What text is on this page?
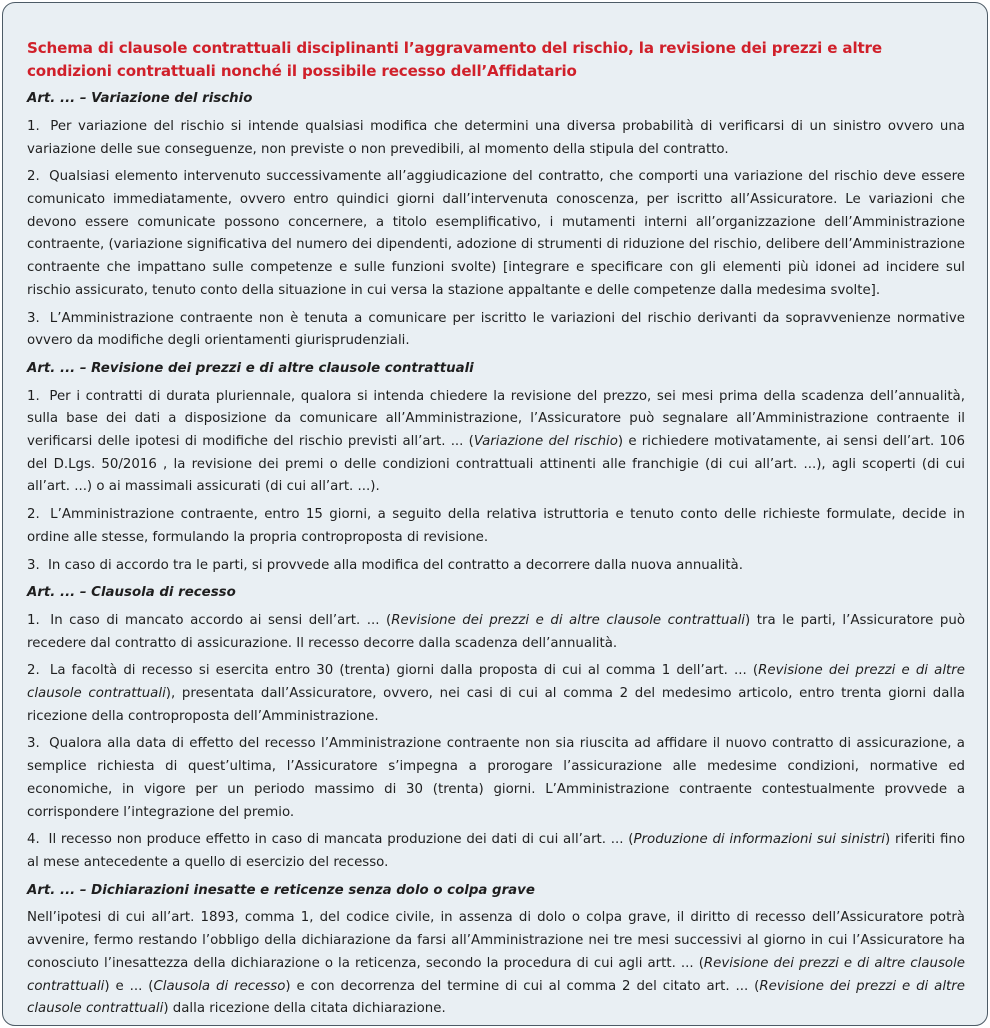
Schema di clausole contrattuali disciplinanti l’aggravamento del rischio, la revisione dei prezzi e altre condizioni contrattuali nonché il possibile recesso dell’Affidatario
Art. ... – Variazione del rischio
1. Per variazione del rischio si intende qualsiasi modifica che determini una diversa probabilità di verificarsi di un sinistro ovvero una variazione delle sue conseguenze, non previste o non prevedibili, al momento della stipula del contratto.
2. Qualsiasi elemento intervenuto successivamente all’aggiudicazione del contratto, che comporti una variazione del rischio deve essere comunicato immediatamente, ovvero entro quindici giorni dall’intervenuta conoscenza, per iscritto all’Assicuratore. Le variazioni che devono essere comunicate possono concernere, a titolo esemplificativo, i mutamenti interni all’organizzazione dell’Amministrazione contraente, (variazione significativa del numero dei dipendenti, adozione di strumenti di riduzione del rischio, delibere dell’Amministrazione contraente che impattano sulle competenze e sulle funzioni svolte) [integrare e specificare con gli elementi più idonei ad incidere sul rischio assicurato, tenuto conto della situazione in cui versa la stazione appaltante e delle competenze dalla medesima svolte].
3. L’Amministrazione contraente non è tenuta a comunicare per iscritto le variazioni del rischio derivanti da sopravvenienze normative ovvero da modifiche degli orientamenti giurisprudenziali.
Art. ... – Revisione dei prezzi e di altre clausole contrattuali
1. Per i contratti di durata pluriennale, qualora si intenda chiedere la revisione del prezzo, sei mesi prima della scadenza dell’annualità, sulla base dei dati a disposizione da comunicare all’Amministrazione, l’Assicuratore può segnalare all’Amministrazione contraente il verificarsi delle ipotesi di modifiche del rischio previsti all’art. ... (Variazione del rischio) e richiedere motivatamente, ai sensi dell’art. 106 del D.Lgs. 50/2016 , la revisione dei premi o delle condizioni contrattuali attinenti alle franchigie (di cui all’art. ...), agli scoperti (di cui all’art. ...) o ai massimali assicurati (di cui all’art. ...).
2. L’Amministrazione contraente, entro 15 giorni, a seguito della relativa istruttoria e tenuto conto delle richieste formulate, decide in ordine alle stesse, formulando la propria controproposta di revisione.
3. In caso di accordo tra le parti, si provvede alla modifica del contratto a decorrere dalla nuova annualità.
Art. ... – Clausola di recesso
1. In caso di mancato accordo ai sensi dell’art. ... (Revisione dei prezzi e di altre clausole contrattuali) tra le parti, l’Assicuratore può recedere dal contratto di assicurazione. Il recesso decorre dalla scadenza dell’annualità.
2. La facoltà di recesso si esercita entro 30 (trenta) giorni dalla proposta di cui al comma 1 dell’art. ... (Revisione dei prezzi e di altre clausole contrattuali), presentata dall’Assicuratore, ovvero, nei casi di cui al comma 2 del medesimo articolo, entro trenta giorni dalla ricezione della controproposta dell’Amministrazione.
3. Qualora alla data di effetto del recesso l’Amministrazione contraente non sia riuscita ad affidare il nuovo contratto di assicurazione, a semplice richiesta di quest’ultima, l’Assicuratore s’impegna a prorogare l’assicurazione alle medesime condizioni, normative ed economiche, in vigore per un periodo massimo di 30 (trenta) giorni. L’Amministrazione contraente contestualmente provvede a corrispondere l’integrazione del premio.
4. Il recesso non produce effetto in caso di mancata produzione dei dati di cui all’art. ... (Produzione di informazioni sui sinistri) riferiti fino al mese antecedente a quello di esercizio del recesso.
Art. ... – Dichiarazioni inesatte e reticenze senza dolo o colpa grave
Nell’ipotesi di cui all’art. 1893, comma 1, del codice civile, in assenza di dolo o colpa grave, il diritto di recesso dell’Assicuratore potrà avvenire, fermo restando l’obbligo della dichiarazione da farsi all’Amministrazione nei tre mesi successivi al giorno in cui l’Assicuratore ha conosciuto l’inesattezza della dichiarazione o la reticenza, secondo la procedura di cui agli artt. ... (Revisione dei prezzi e di altre clausole contrattuali) e ... (Clausola di recesso) e con decorrenza del termine di cui al comma 2 del citato art. ... (Revisione dei prezzi e di altre clausole contrattuali) dalla ricezione della citata dichiarazione.
